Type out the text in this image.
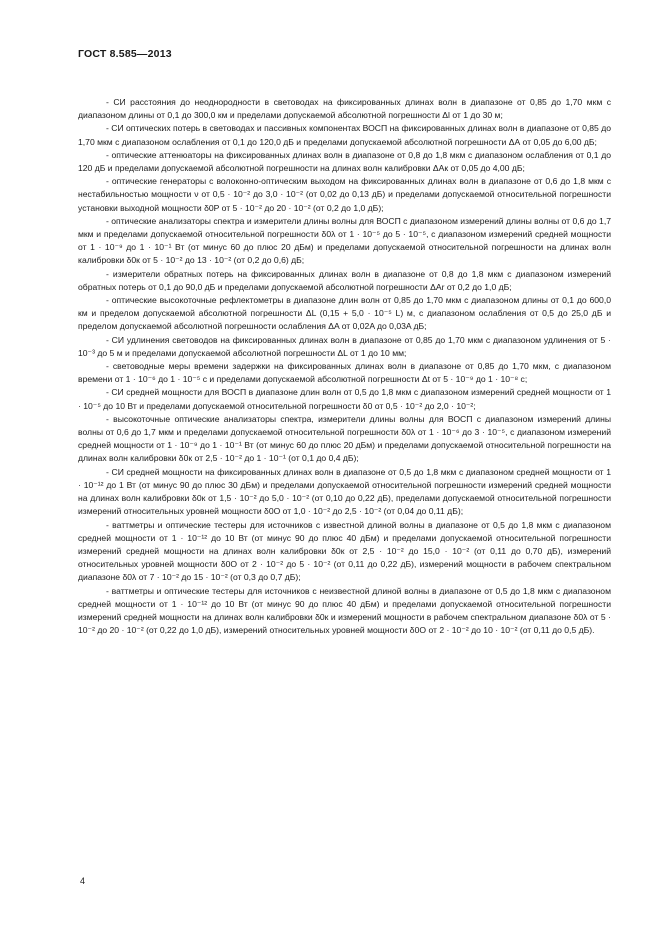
ГОСТ 8.585—2013

- СИ расстояния до неоднородности в световодах на фиксированных длинах волн в диапазоне от 0,85 до 1,70 мкм с диапазоном длины от 0,1 до 300,0 км и пределами допускаемой абсолютной погрешности Δl от 1 до 30 м;

- СИ оптических потерь в световодах и пассивных компонентах ВОСП на фиксированных длинах волн в диапазоне от 0,85 до 1,70 мкм с диапазоном ослабления от 0,1 до 120,0 дБ и пределами допускаемой абсолютной погрешности ΔА от 0,05 до 6,00 дБ;

- оптические аттенюаторы на фиксированных длинах волн в диапазоне от 0,8 до 1,8 мкм с диапазоном ослабления от 0,1 до 120 дБ и пределами допускаемой абсолютной погрешности на длинах волн калибровки ΔAк от 0,05 до 4,00 дБ;

- оптические генераторы с волоконно-оптическим выходом на фиксированных длинах волн в диапазоне от 0,6 до 1,8 мкм с нестабильностью мощности ν от 0,5 · 10⁻² до 3,0 · 10⁻² (от 0,02 до 0,13 дБ) и пределами допускаемой относительной погрешности установки выходной мощности δ0P от 5 · 10⁻² до 20 · 10⁻² (от 0,2 до 1,0 дБ);

- оптические анализаторы спектра и измерители длины волны для ВОСП с диапазоном измерений длины волны от 0,6 до 1,7 мкм и пределами допускаемой относительной погрешности δ0λ от 1 · 10⁻⁵ до 5 · 10⁻⁵, с диапазоном измерений средней мощности от 1 · 10⁻⁹ до 1 · 10⁻¹ Вт (от минус 60 до плюс 20 дБм) и пределами допускаемой относительной погрешности на длинах волн калибровки δ0к от 5 · 10⁻² до 13 · 10⁻² (от 0,2 до 0,6) дБ;

- измерители обратных потерь на фиксированных длинах волн в диапазоне от 0,8 до 1,8 мкм с диапазоном измерений обратных потерь от 0,1 до 90,0 дБ и пределами допускаемой абсолютной погрешности ΔAr от 0,2 до 1,0 дБ;

- оптические высокоточные рефлектометры в диапазоне длин волн от 0,85 до 1,70 мкм с диапазоном длины от 0,1 до 600,0 км и пределом допускаемой абсолютной погрешности ΔL (0,15 + 5,0 · 10⁻⁵ L) м, с диапазоном ослабления от 0,5 до 25,0 дБ и пределом допускаемой абсолютной погрешности ослабления ΔA от 0,02A до 0,03A дБ;

- СИ удлинения световодов на фиксированных длинах волн в диапазоне от 0,85 до 1,70 мкм с диапазоном удлинения от 5 · 10⁻³ до 5 м и пределами допускаемой абсолютной погрешности ΔL от 1 до 10 мм;

- световодные меры времени задержки на фиксированных длинах волн в диапазоне от 0,85 до 1,70 мкм, с диапазоном времени от 1 · 10⁻⁶ до 1 · 10⁻⁵ с и пределами допускаемой абсолютной погрешности Δt от 5 · 10⁻⁹ до 1 · 10⁻⁸ с;

- СИ средней мощности для ВОСП в диапазоне длин волн от 0,5 до 1,8 мкм с диапазоном измерений средней мощности от 1 · 10⁻⁵ до 10 Вт и пределами допускаемой относительной погрешности δ0 от 0,5 · 10⁻² до 2,0 · 10⁻²;

- высокоточные оптические анализаторы спектра, измерители длины волны для ВОСП с диапазоном измерений длины волны от 0,6 до 1,7 мкм и пределами допускаемой относительной погрешности δ0λ от 1 · 10⁻⁶ до 3 · 10⁻⁵, с диапазоном измерений средней мощности от 1 · 10⁻⁹ до 1 · 10⁻¹ Вт (от минус 60 до плюс 20 дБм) и пределами допускаемой относительной погрешности на длинах волн калибровки δ0к от 2,5 · 10⁻² до 1 · 10⁻¹ (от 0,1 до 0,4 дБ);

- СИ средней мощности на фиксированных длинах волн в диапазоне от 0,5 до 1,8 мкм с диапазоном средней мощности от 1 · 10⁻¹² до 1 Вт (от минус 90 до плюс 30 дБм) и пределами допускаемой относительной погрешности измерений средней мощности на длинах волн калибровки δ0к от 1,5 · 10⁻² до 5,0 · 10⁻² (от 0,10 до 0,22 дБ), пределами допускаемой относительной погрешности измерений относительных уровней мощности δ0О от 1,0 · 10⁻² до 2,5 · 10⁻² (от 0,04 до 0,11 дБ);

- ваттметры и оптические тестеры для источников с известной длиной волны в диапазоне от 0,5 до 1,8 мкм с диапазоном средней мощности от 1 · 10⁻¹² до 10 Вт (от минус 90 до плюс 40 дБм) и пределами допускаемой относительной погрешности измерений средней мощности на длинах волн калибровки δ0к от 2,5 · 10⁻² до 15,0 · 10⁻² (от 0,11 до 0,70 дБ), измерений относительных уровней мощности δ0О от 2 · 10⁻² до 5 · 10⁻² (от 0,11 до 0,22 дБ), измерений мощности в рабочем спектральном диапазоне δ0λ от 7 · 10⁻² до 15 · 10⁻² (от 0,3 до 0,7 дБ);

- ваттметры и оптические тестеры для источников с неизвестной длиной волны в диапазоне от 0,5 до 1,8 мкм с диапазоном средней мощности от 1 · 10⁻¹² до 10 Вт (от минус 90 до плюс 40 дБм) и пределами допускаемой относительной погрешности измерений средней мощности на длинах волн калибровки δ0к и измерений мощности в рабочем спектральном диапазоне δ0λ от 5 · 10⁻² до 20 · 10⁻² (от 0,22 до 1,0 дБ), измерений относительных уровней мощности δ0О от 2 · 10⁻² до 10 · 10⁻² (от 0,11 до 0,5 дБ).

4
